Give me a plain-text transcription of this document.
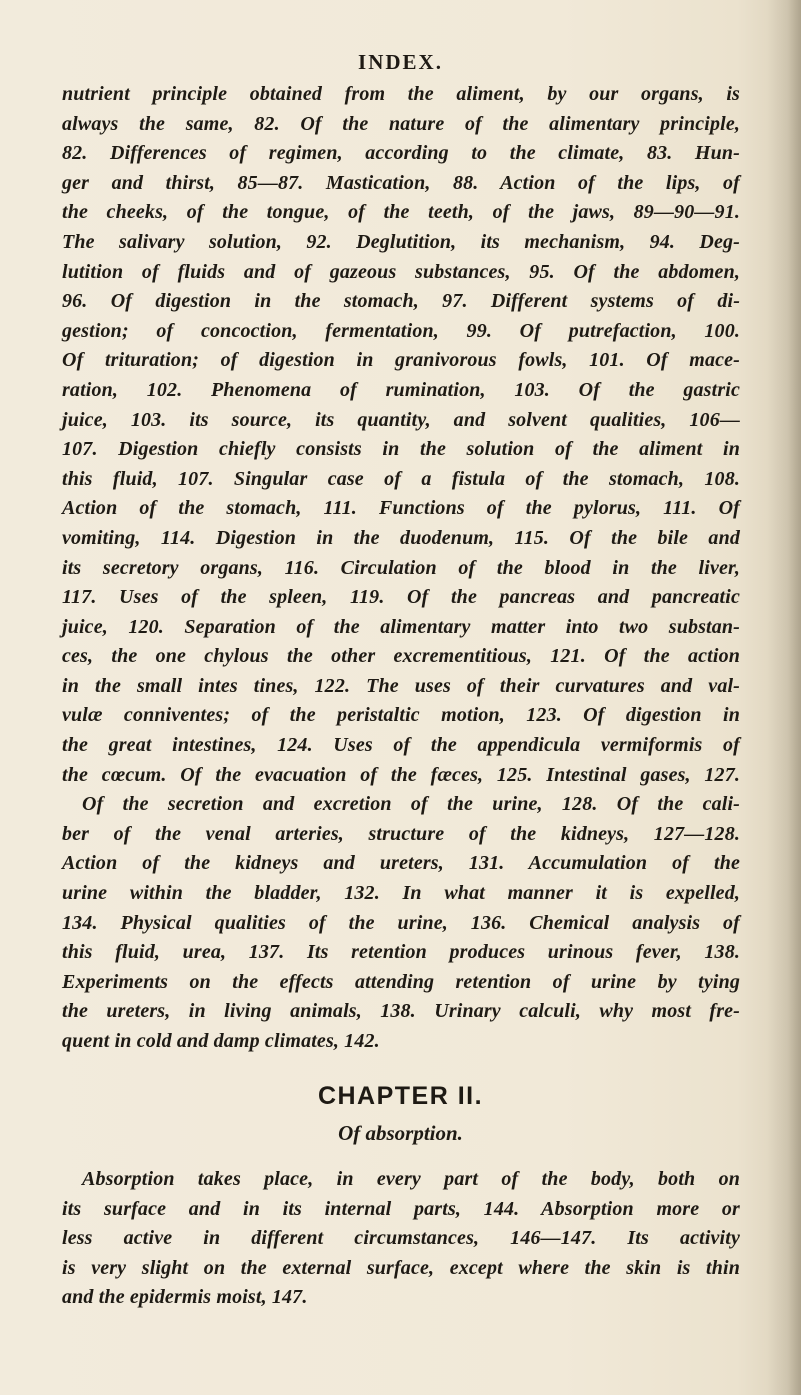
INDEX.
nutrient principle obtained from the aliment, by our organs, is
always the same, 82. Of the nature of the alimentary principle,
82. Differences of regimen, according to the climate, 83. Hun-
ger and thirst, 85—87. Mastication, 88. Action of the lips, of
the cheeks, of the tongue, of the teeth, of the jaws, 89—90—91.
The salivary solution, 92. Deglutition, its mechanism, 94. Deg-
lutition of fluids and of gazeous substances, 95. Of the abdomen,
96. Of digestion in the stomach, 97. Different systems of di-
gestion; of concoction, fermentation, 99. Of putrefaction, 100.
Of trituration; of digestion in granivorous fowls, 101. Of mace-
ration, 102. Phenomena of rumination, 103. Of the gastric
juice, 103. its source, its quantity, and solvent qualities, 106—
107. Digestion chiefly consists in the solution of the aliment in
this fluid, 107. Singular case of a fistula of the stomach, 108.
Action of the stomach, 111. Functions of the pylorus, 111. Of
vomiting, 114. Digestion in the duodenum, 115. Of the bile and
its secretory organs, 116. Circulation of the blood in the liver,
117. Uses of the spleen, 119. Of the pancreas and pancreatic
juice, 120. Separation of the alimentary matter into two substan-
ces, the one chylous the other excrementitious, 121. Of the action
in the small intes tines, 122. The uses of their curvatures and val-
vulæ conniventes; of the peristaltic motion, 123. Of digestion in
the great intestines, 124. Uses of the appendicula vermiformis of
the cœcum. Of the evacuation of the fæces, 125. Intestinal gases, 127.
Of the secretion and excretion of the urine, 128. Of the cali-
ber of the venal arteries, structure of the kidneys, 127—128.
Action of the kidneys and ureters, 131. Accumulation of the
urine within the bladder, 132. In what manner it is expelled,
134. Physical qualities of the urine, 136. Chemical analysis of
this fluid, urea, 137. Its retention produces urinous fever, 138.
Experiments on the effects attending retention of urine by tying
the ureters, in living animals, 138. Urinary calculi, why most fre-
quent in cold and damp climates, 142.
CHAPTER II.
Of absorption.
Absorption takes place, in every part of the body, both on
its surface and in its internal parts, 144. Absorption more or
less active in different circumstances, 146—147. Its activity
is very slight on the external surface, except where the skin is thin
and the epidermis moist, 147.
